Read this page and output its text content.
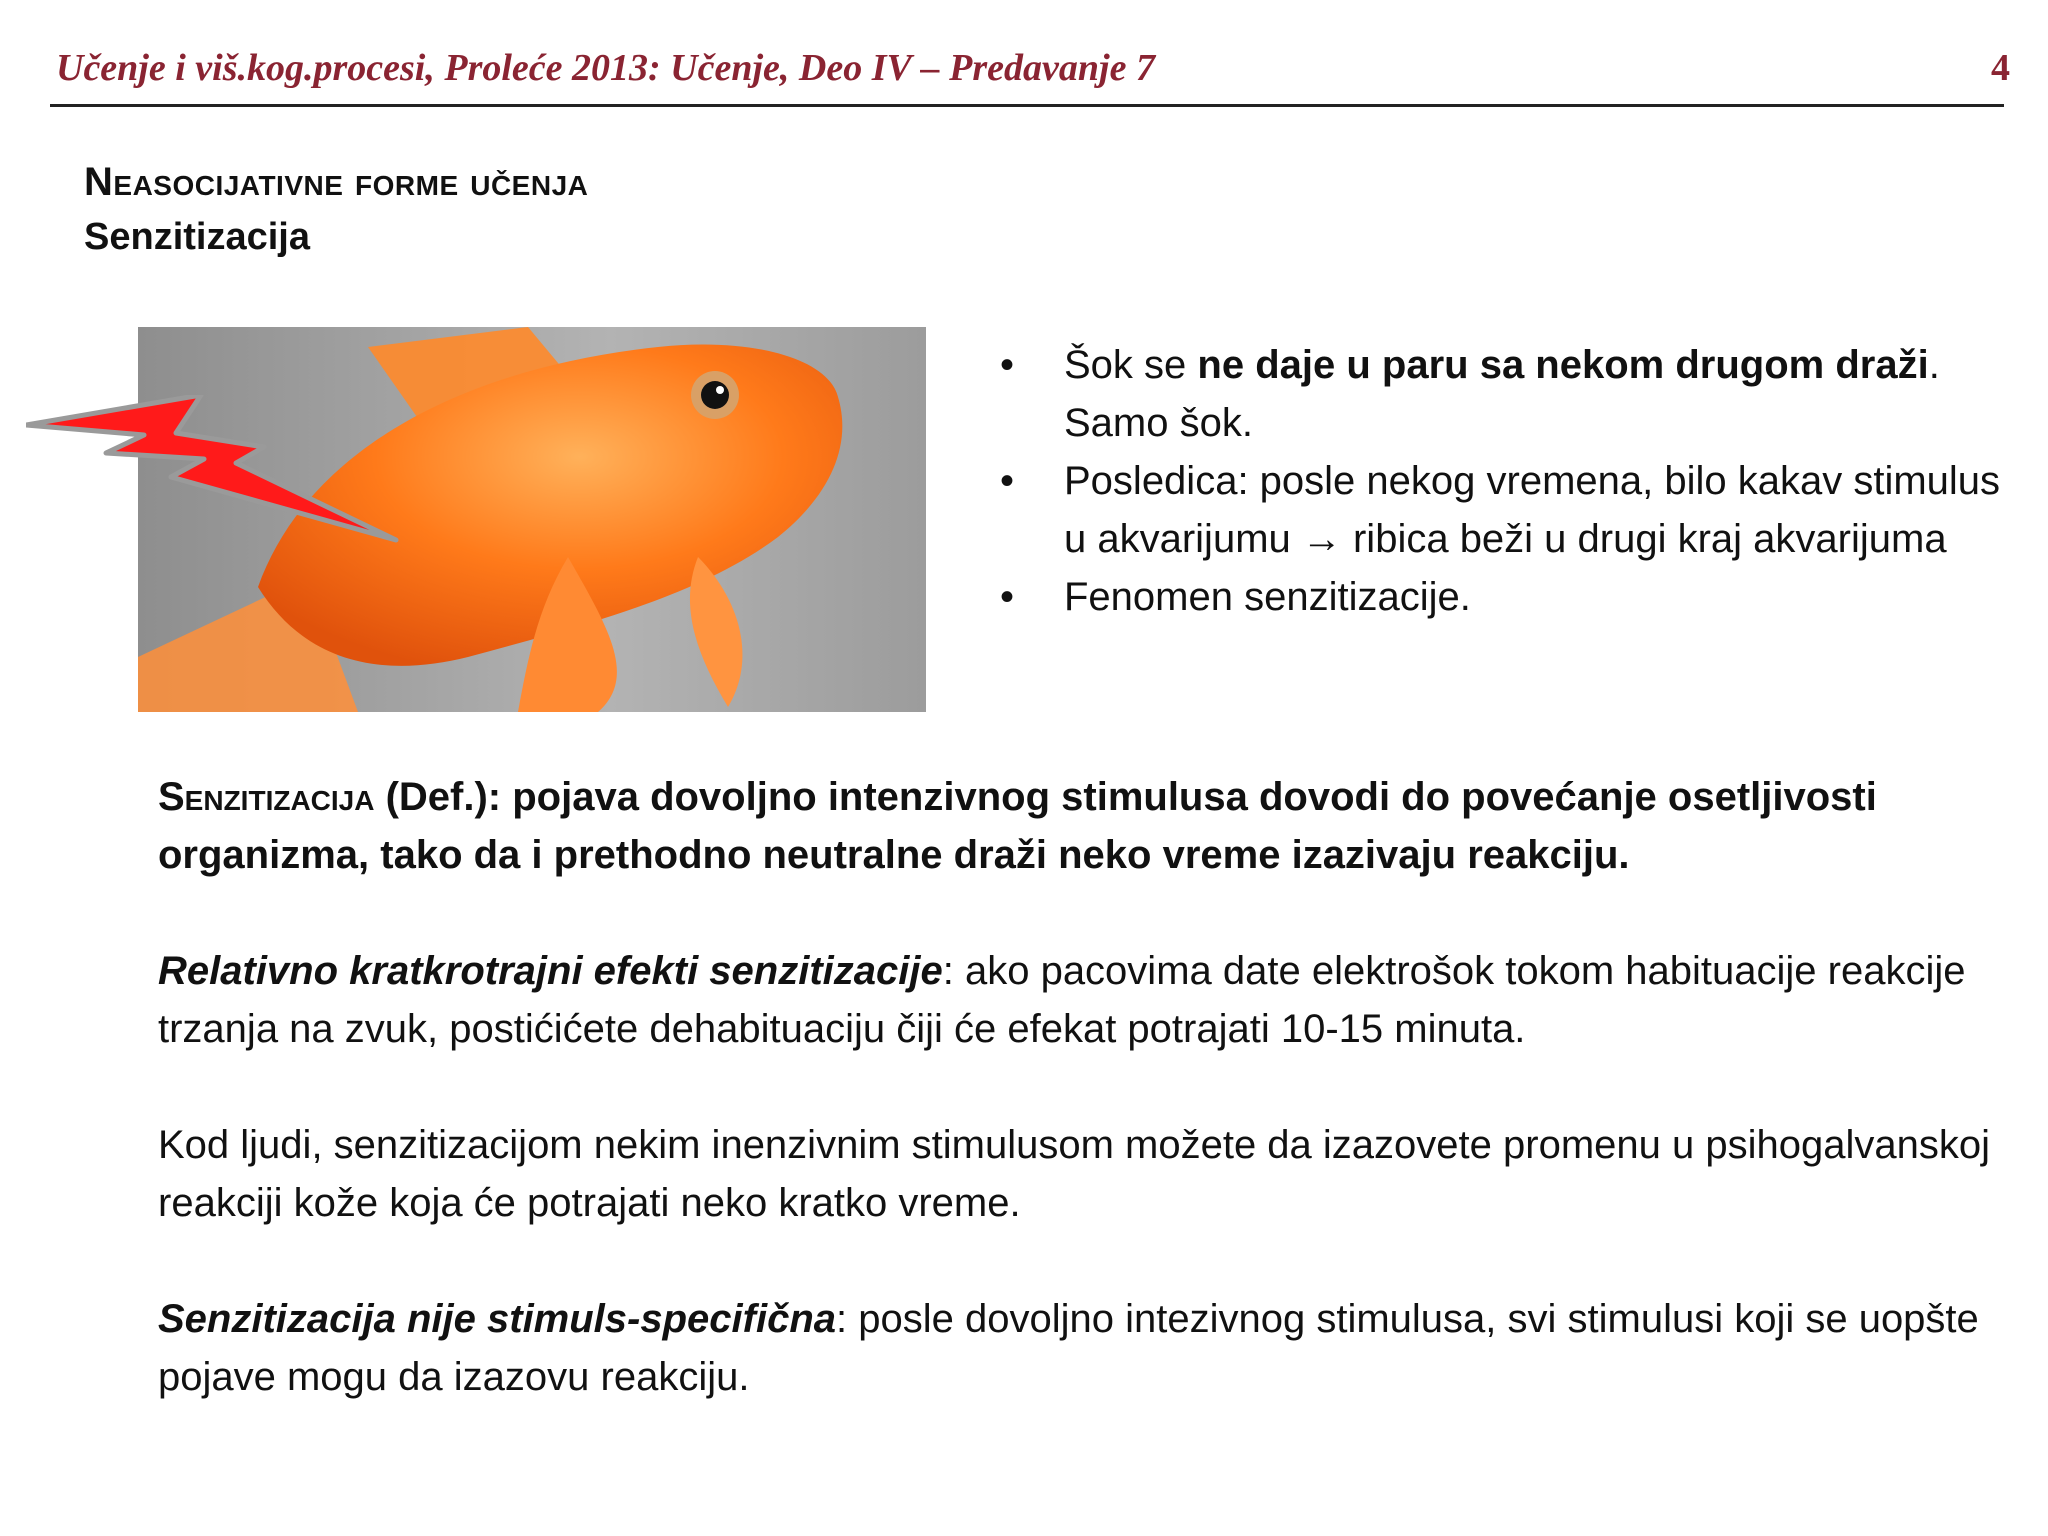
Učenje i viš.kog.procesi, Proleće 2013: Učenje, Deo IV – Predavanje 7	4
Neasocijativne forme učenja
Senzitizacija
•	Šok se ne daje u paru sa nekom drugom draži. Samo šok.
•	Posledica: posle nekog vremena, bilo kakav stimulus u akvarijumu → ribica beži u drugi kraj akvarijuma
•	Fenomen senzitizacije.

Senzitizacija (Def.): pojava dovoljno intenzivnog stimulusa dovodi do povećanje osetljivosti organizma, tako da i prethodno neutralne draži neko vreme izazivaju reakciju.

Relativno kratkrotrajni efekti senzitizacije: ako pacovima date elektrošok tokom habituacije reakcije trzanja na zvuk, postićićete dehabituaciju čiji će efekat potrajati 10-15 minuta.

Kod ljudi, senzitizacijom nekim inenzivnim stimulusom možete da izazovete promenu u psihogalvanskoj reakciji kože koja će potrajati neko kratko vreme.

Senzitizacija nije stimuls-specifična: posle dovoljno intezivnog stimulusa, svi stimulusi koji se uopšte pojave mogu da izazovu reakciju.
